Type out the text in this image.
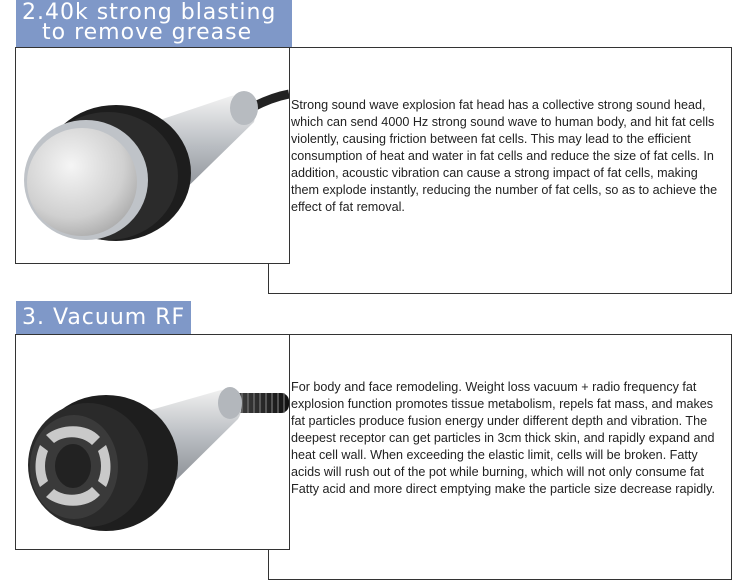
Strong sound wave explosion fat head has a collective strong sound head, which can send 4000 Hz strong sound wave to human body, and hit fat cells violently, causing friction between fat cells. This may lead to the efficient consumption of heat and water in fat cells and reduce the size of fat cells. In addition, acoustic vibration can cause a strong impact of fat cells, making them explode instantly, reducing the number of fat cells, so as to achieve the effect of fat removal.

2.40k strong blasting
to remove grease

For body and face remodeling. Weight loss vacuum + radio frequency fat explosion function promotes tissue metabolism, repels fat mass, and makes fat particles produce fusion energy under different depth and vibration. The deepest receptor can get particles in 3cm thick skin, and rapidly expand and heat cell wall. When exceeding the elastic limit, cells will be broken. Fatty acids will rush out of the pot while burning, which will not only consume fat Fatty acid and more direct emptying make the particle size decrease rapidly.

3. Vacuum RF
